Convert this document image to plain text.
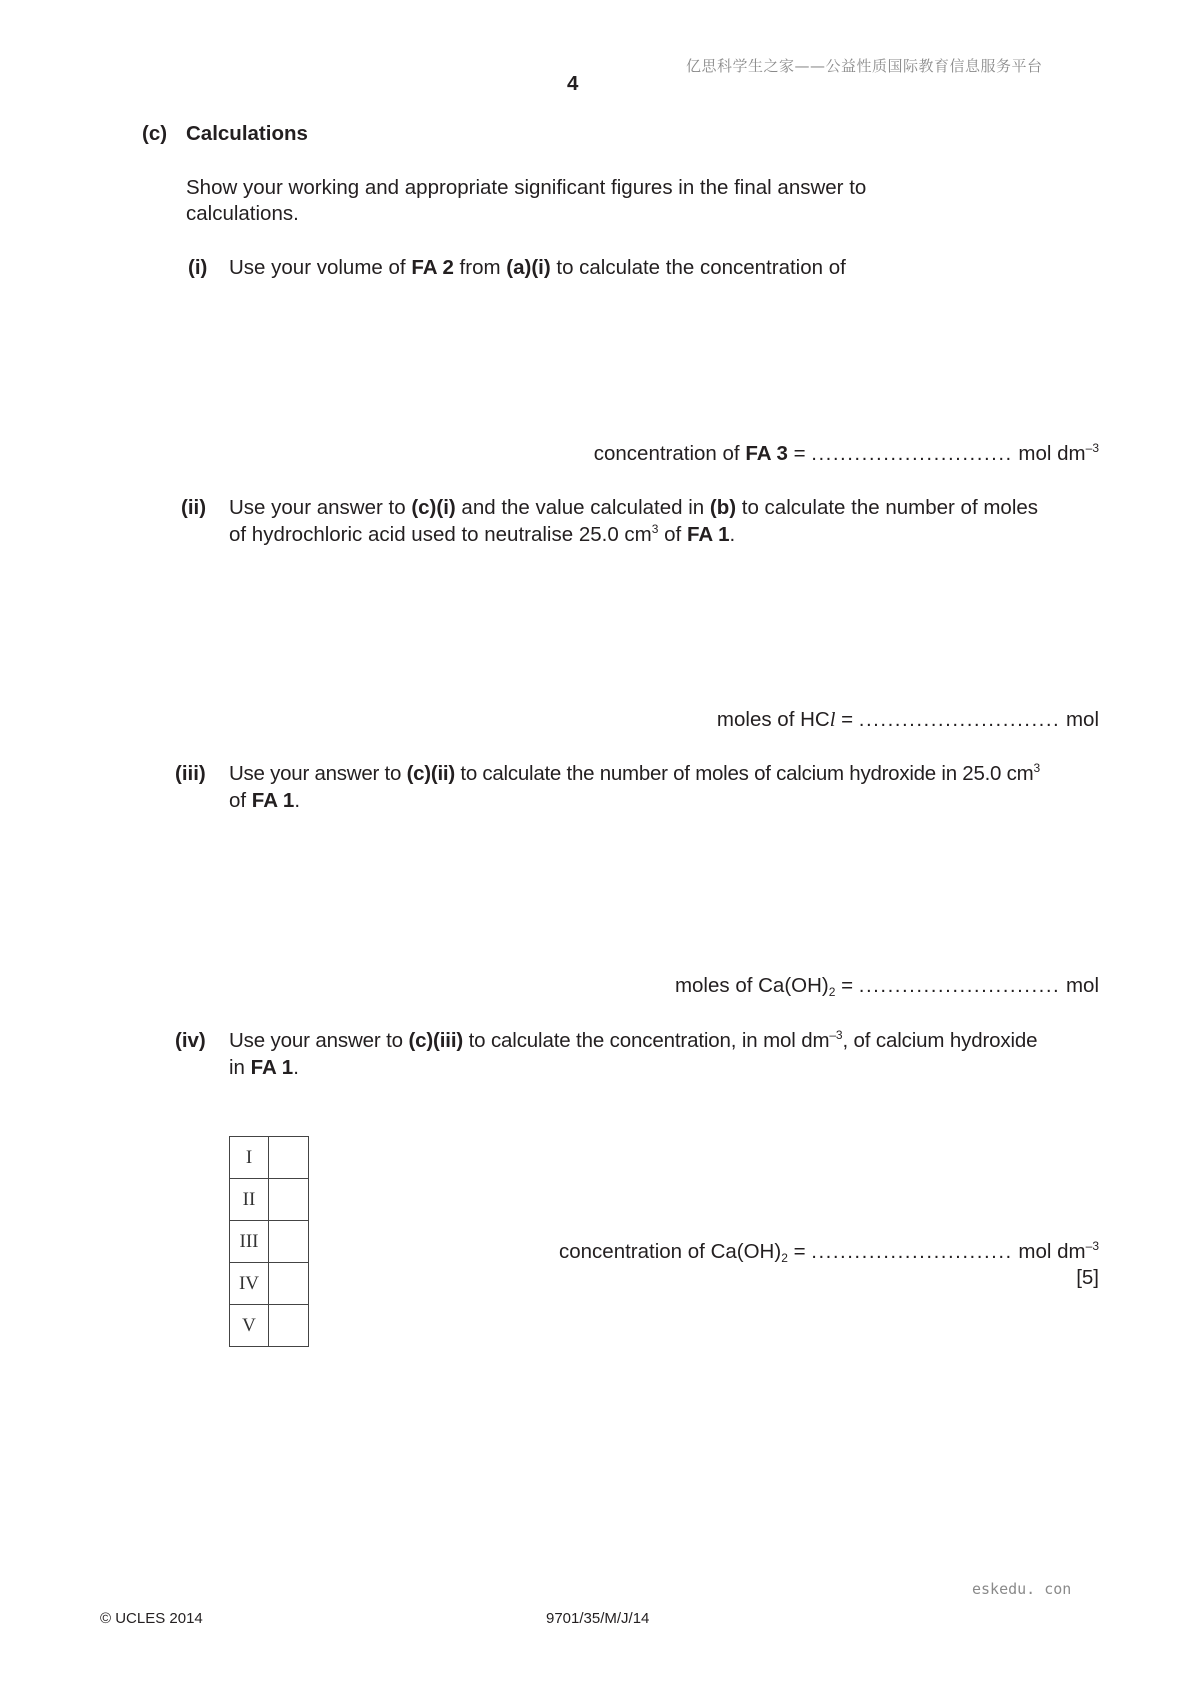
亿思科学生之家——公益性质国际教育信息服务平台
4
(c) Calculations
Show your working and appropriate significant figures in the final answer to
calculations.
(i) Use your volume of FA 2 from (a)(i) to calculate the concentration of
concentration of FA 3 = ............................ mol $dm^{-3}$
(ii) Use your answer to (c)(i) and the value calculated in (b) to calculate the number of moles
of hydrochloric acid used to neutralise 25.0 $cm^3$ of FA 1.
moles of HCl = ............................ mol
(iii) Use your answer to (c)(ii) to calculate the number of moles of calcium hydroxide in 25.0 $cm^3$
of FA 1.
moles of $Ca(OH)_2$ = ............................ mol
(iv) Use your answer to (c)(iii) to calculate the concentration, in mol $dm^{-3}$, of calcium hydroxide
in FA 1.
I	
II	
III	
IV	
V	
concentration of $Ca(OH)_2$ = ............................ mol $dm^{-3}$
[5]
eskedu. con
© UCLES 2014	9701/35/M/J/14
